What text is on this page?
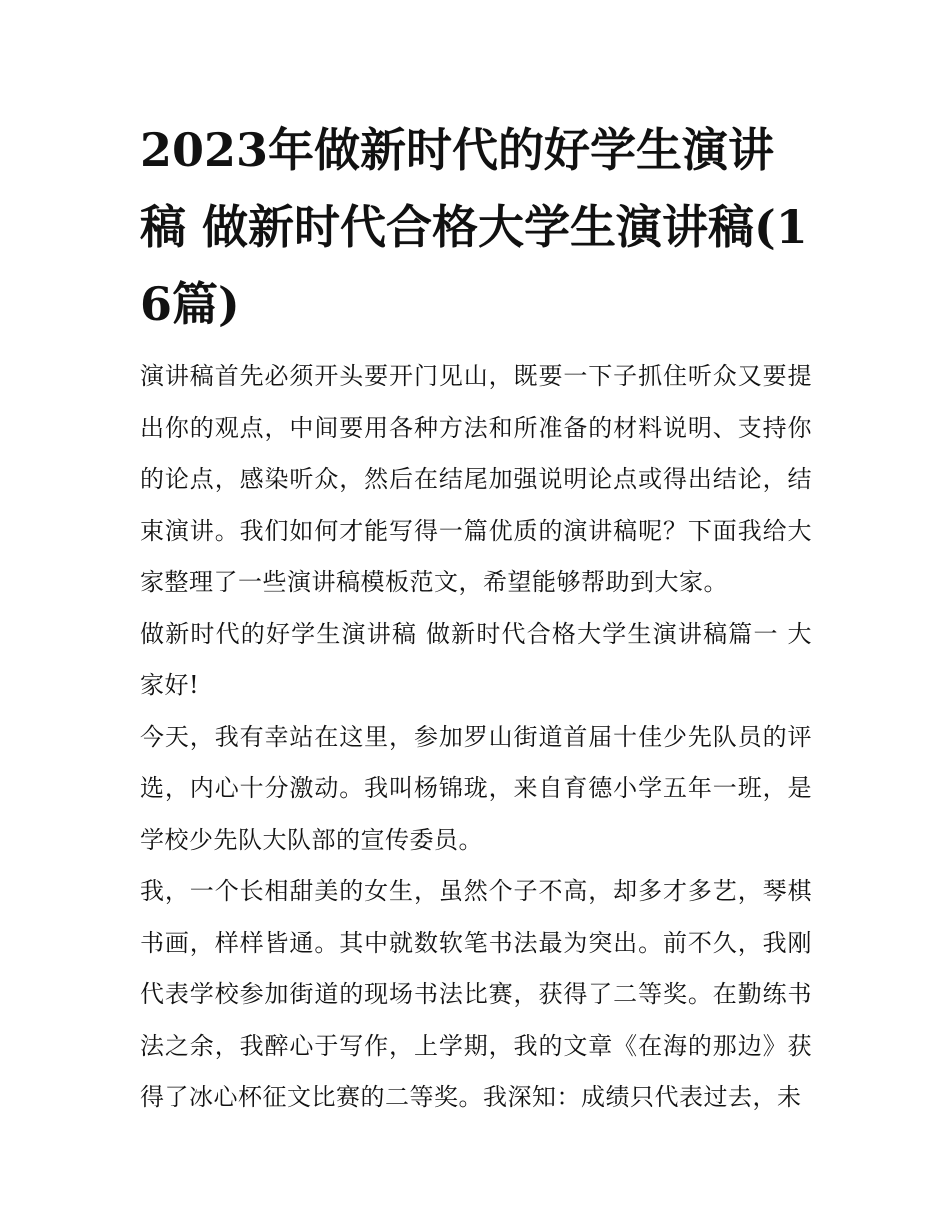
2023年做新时代的好学生演讲稿 做新时代合格大学生演讲稿(16篇)

演讲稿首先必须开头要开门见山，既要一下子抓住听众又要提出你的观点，中间要用各种方法和所准备的材料说明、支持你的论点，感染听众，然后在结尾加强说明论点或得出结论，结束演讲。我们如何才能写得一篇优质的演讲稿呢？下面我给大家整理了一些演讲稿模板范文，希望能够帮助到大家。

做新时代的好学生演讲稿 做新时代合格大学生演讲稿篇一 大家好!

今天，我有幸站在这里，参加罗山街道首届十佳少先队员的评选，内心十分激动。我叫杨锦珑，来自育德小学五年一班，是学校少先队大队部的宣传委员。

我，一个长相甜美的女生，虽然个子不高，却多才多艺，琴棋书画，样样皆通。其中就数软笔书法最为突出。前不久，我刚代表学校参加街道的现场书法比赛，获得了二等奖。在勤练书法之余，我醉心于写作，上学期，我的文章《在海的那边》获得了冰心杯征文比赛的二等奖。我深知：成绩只代表过去，未
